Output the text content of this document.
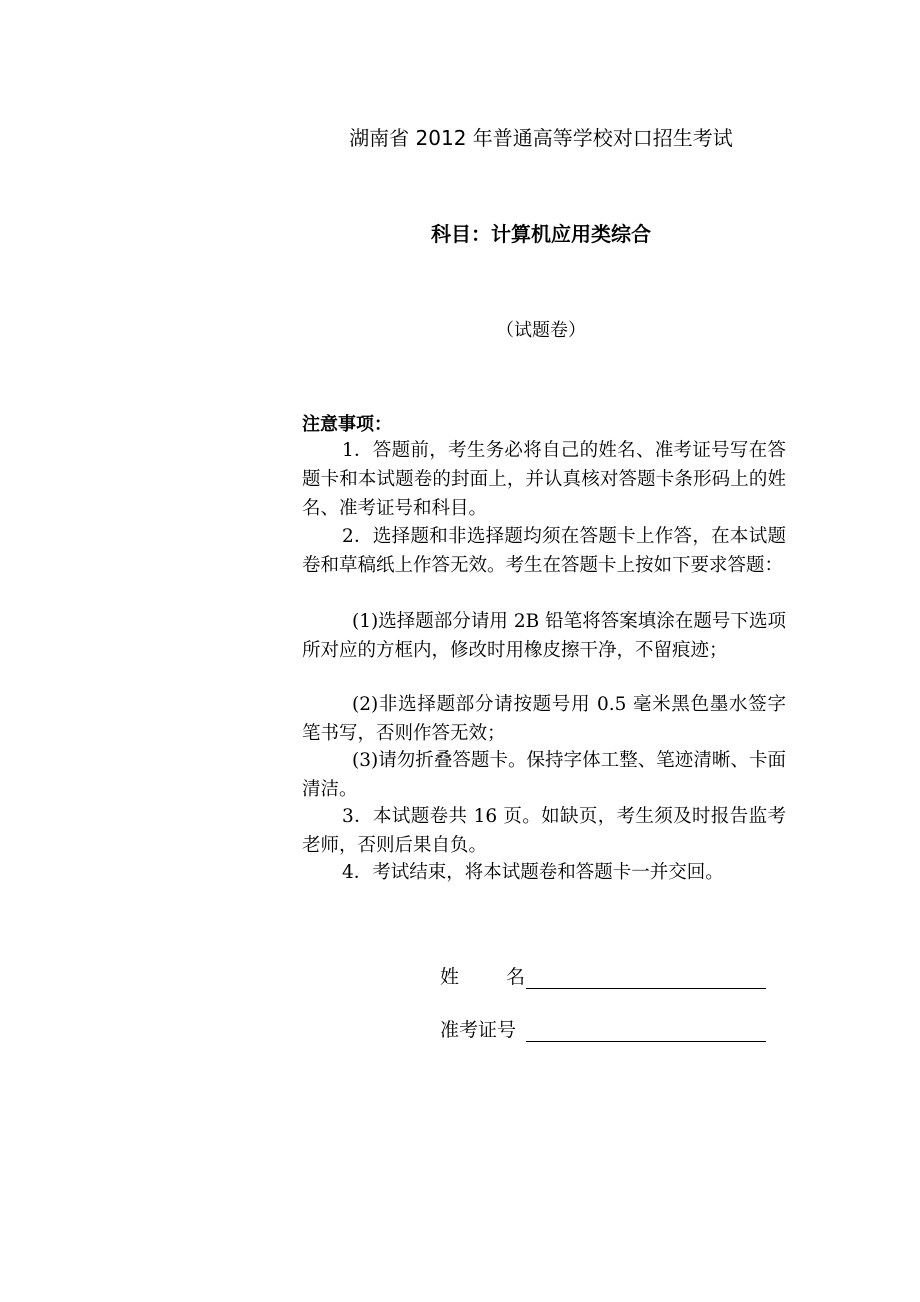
湖南省 2012 年普通高等学校对口招生考试
科目：计算机应用类综合
（试题卷）
注意事项：
1．答题前，考生务必将自己的姓名、准考证号写在答题卡和本试题卷的封面上，并认真核对答题卡条形码上的姓名、准考证号和科目。
2．选择题和非选择题均须在答题卡上作答，在本试题卷和草稿纸上作答无效。考生在答题卡上按如下要求答题：
(1)选择题部分请用 2B 铅笔将答案填涂在题号下选项所对应的方框内，修改时用橡皮擦干净，不留痕迹；
(2)非选择题部分请按题号用 0.5 毫米黑色墨水签字笔书写，否则作答无效；
(3)请勿折叠答题卡。保持字体工整、笔迹清晰、卡面清洁。
3．本试题卷共 16 页。如缺页，考生须及时报告监考老师，否则后果自负。
4．考试结束，将本试题卷和答题卡一并交回。
姓名
准考证号
